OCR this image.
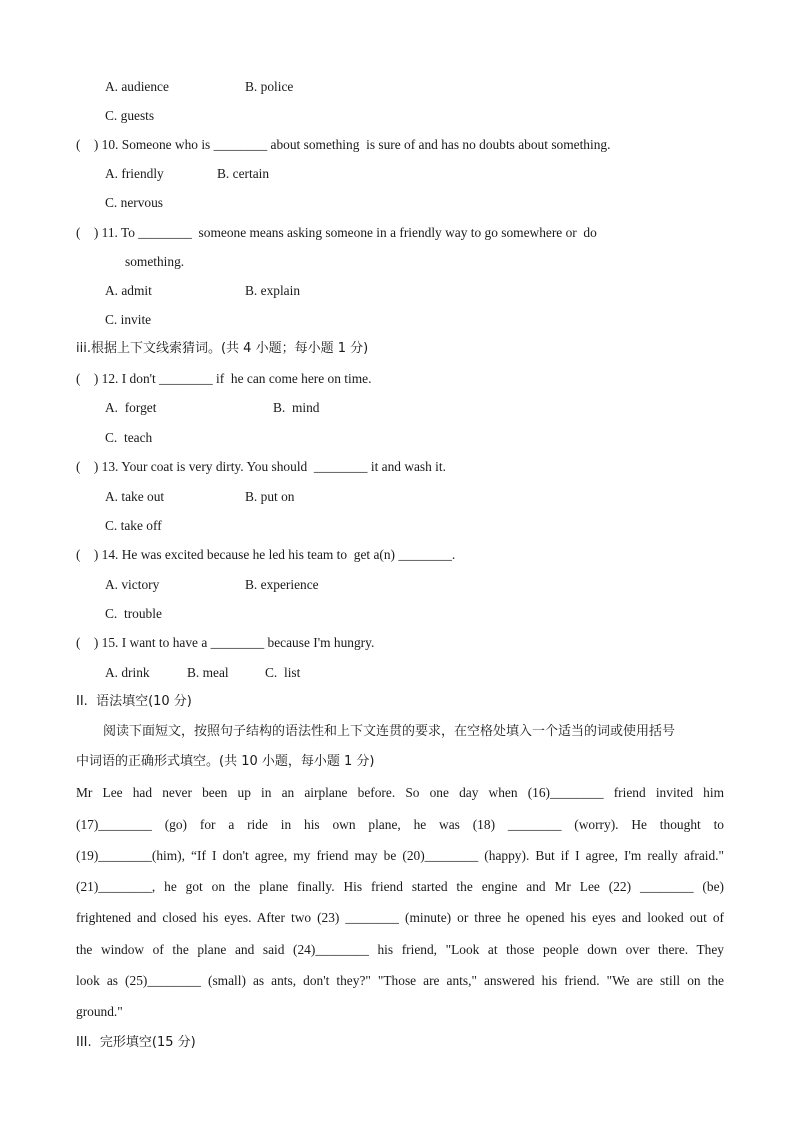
A. audience	B. police
C. guests
(    ) 10. Someone who is ________ about something  is sure of and has no doubts about something.
A. friendly	B. certain
C. nervous
(    ) 11. To ________  someone means asking someone in a friendly way to go somewhere or  do
something.
A. admit	B. explain
C. invite
iii.根据上下文线索猜词。(共 4 小题；每小题 1 分)
(    ) 12. I don't ________ if  he can come here on time.
A.  forget	B.  mind
C.  teach
(    ) 13. Your coat is very dirty. You should  ________ it and wash it.
A. take out	B. put on
C. take off
(    ) 14. He was excited because he led his team to  get a(n) ________.
A. victory	B. experience
C.  trouble
(    ) 15. I want to have a ________ because I'm hungry.
A. drink	B. meal	C.  list
II.  语法填空(10 分)
阅读下面短文，按照句子结构的语法性和上下文连贯的要求，在空格处填入一个适当的词或使用括号
中词语的正确形式填空。(共 10 小题，每小题 1 分)
Mr Lee had never been up in an airplane before. So one day when (16)________ friend invited him
(17)________ (go) for a ride in his own plane, he was (18) ________ (worry). He thought to
(19)________(him), “If I don't agree, my friend may be (20)________ (happy). But if I agree, I'm really afraid."
(21)________, he got on the plane finally. His friend started the engine and Mr Lee (22) ________ (be)
frightened and closed his eyes. After two (23) ________ (minute) or three he opened his eyes and looked out of
the window of the plane and said (24)________ his friend, "Look at those people down over there. They
look as (25)________ (small) as ants, don't they?" "Those are ants," answered his friend. "We are still on the
ground."
III.  完形填空(15 分)
